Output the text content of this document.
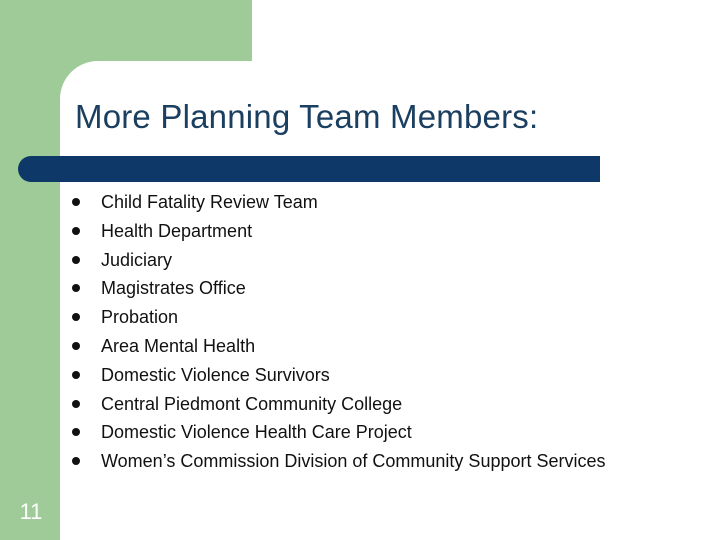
More Planning Team Members:
Child Fatality Review Team
Health Department
Judiciary
Magistrates Office
Probation
Area Mental Health
Domestic Violence Survivors
Central Piedmont Community College
Domestic Violence Health Care Project
Women’s Commission Division of Community Support Services
11
